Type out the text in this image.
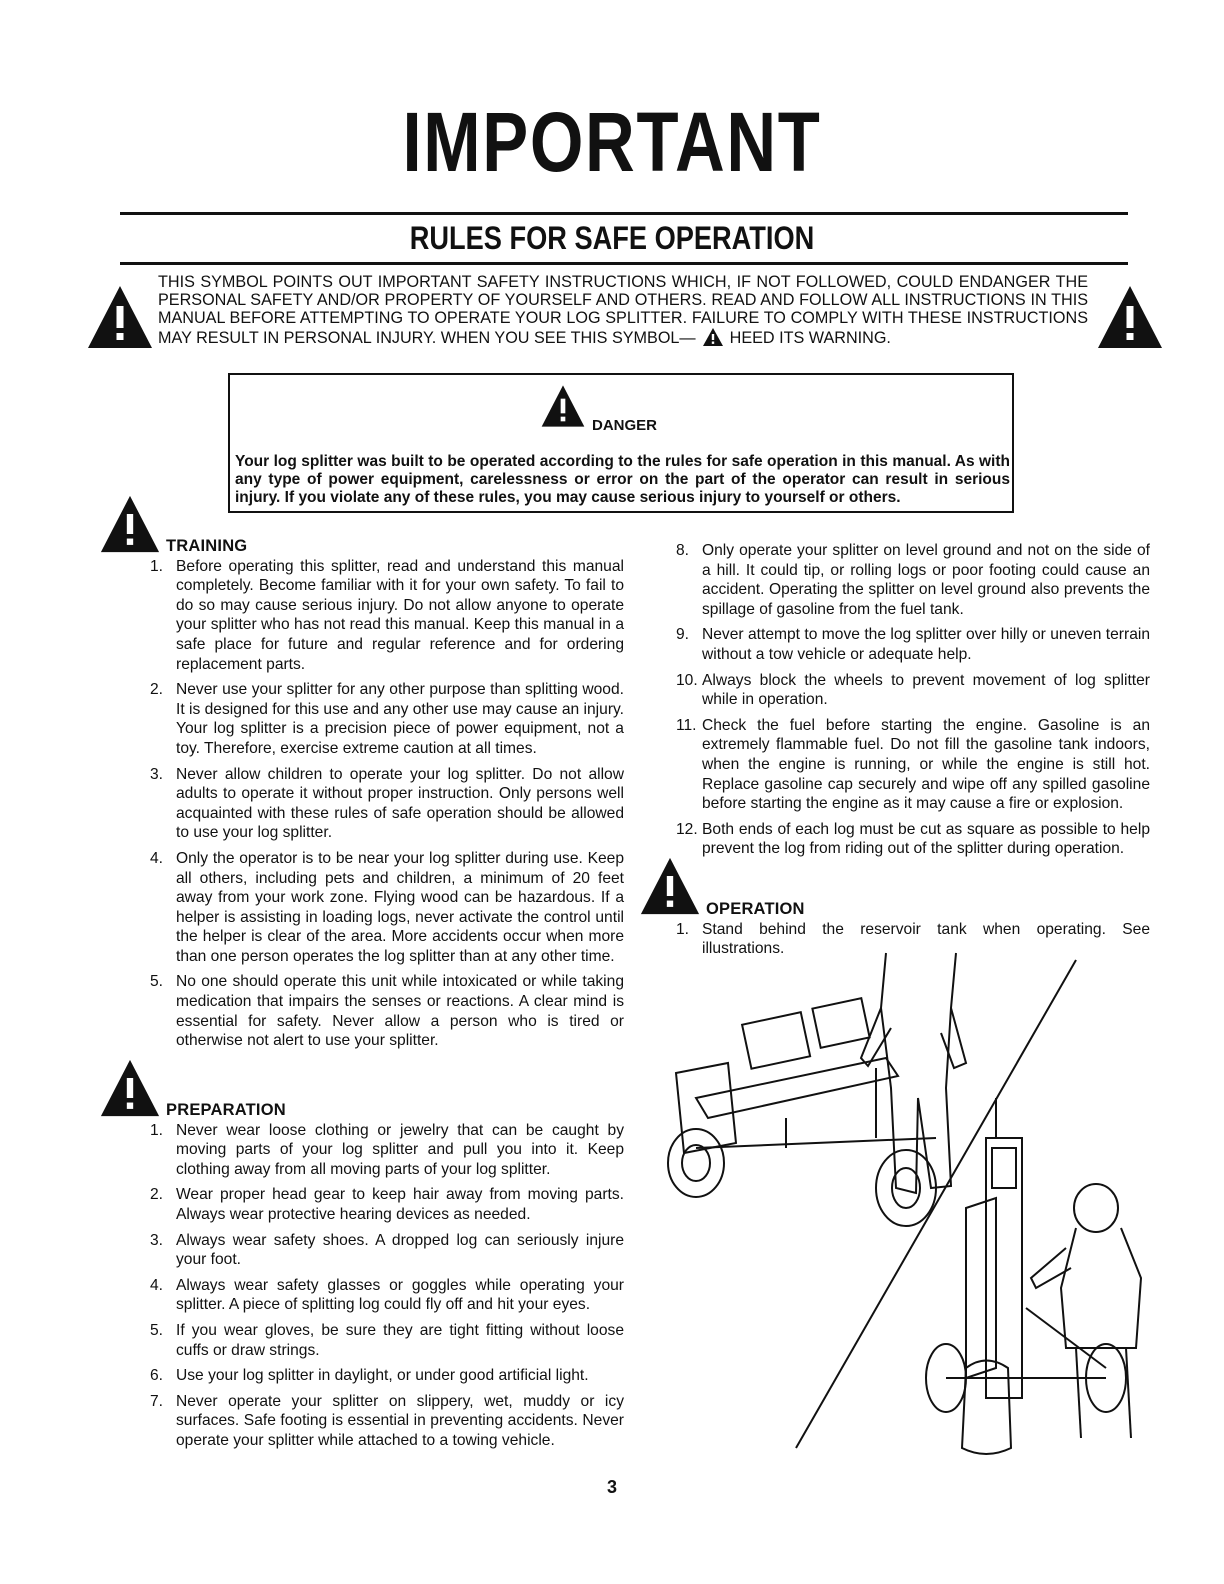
IMPORTANT
RULES FOR SAFE OPERATION
THIS SYMBOL POINTS OUT IMPORTANT SAFETY INSTRUCTIONS WHICH, IF NOT FOLLOWED, COULD ENDANGER THE PERSONAL SAFETY AND/OR PROPERTY OF YOURSELF AND OTHERS. READ AND FOLLOW ALL INSTRUCTIONS IN THIS MANUAL BEFORE ATTEMPTING TO OPERATE YOUR LOG SPLITTER. FAILURE TO COMPLY WITH THESE INSTRUCTIONS MAY RESULT IN PERSONAL INJURY. WHEN YOU SEE THIS SYMBOL— HEED ITS WARNING.
DANGER
Your log splitter was built to be operated according to the rules for safe operation in this manual. As with any type of power equipment, carelessness or error on the part of the operator can result in serious injury. If you violate any of these rules, you may cause serious injury to yourself or others.
TRAINING
1. Before operating this splitter, read and understand this manual completely. Become familiar with it for your own safety. To fail to do so may cause serious injury. Do not allow anyone to operate your splitter who has not read this manual. Keep this manual in a safe place for future and regular reference and for ordering replacement parts.
2. Never use your splitter for any other purpose than splitting wood. It is designed for this use and any other use may cause an injury. Your log splitter is a precision piece of power equipment, not a toy. Therefore, exercise extreme caution at all times.
3. Never allow children to operate your log splitter. Do not allow adults to operate it without proper instruction. Only persons well acquainted with these rules of safe operation should be allowed to use your log splitter.
4. Only the operator is to be near your log splitter during use. Keep all others, including pets and children, a minimum of 20 feet away from your work zone. Flying wood can be hazardous. If a helper is assisting in loading logs, never activate the control until the helper is clear of the area. More accidents occur when more than one person operates the log splitter than at any other time.
5. No one should operate this unit while intoxicated or while taking medication that impairs the senses or reactions. A clear mind is essential for safety. Never allow a person who is tired or otherwise not alert to use your splitter.
PREPARATION
1. Never wear loose clothing or jewelry that can be caught by moving parts of your log splitter and pull you into it. Keep clothing away from all moving parts of your log splitter.
2. Wear proper head gear to keep hair away from moving parts. Always wear protective hearing devices as needed.
3. Always wear safety shoes. A dropped log can seriously injure your foot.
4. Always wear safety glasses or goggles while operating your splitter. A piece of splitting log could fly off and hit your eyes.
5. If you wear gloves, be sure they are tight fitting without loose cuffs or draw strings.
6. Use your log splitter in daylight, or under good artificial light.
7. Never operate your splitter on slippery, wet, muddy or icy surfaces. Safe footing is essential in preventing accidents. Never operate your splitter while attached to a towing vehicle.
8. Only operate your splitter on level ground and not on the side of a hill. It could tip, or rolling logs or poor footing could cause an accident. Operating the splitter on level ground also prevents the spillage of gasoline from the fuel tank.
9. Never attempt to move the log splitter over hilly or uneven terrain without a tow vehicle or adequate help.
10. Always block the wheels to prevent movement of log splitter while in operation.
11. Check the fuel before starting the engine. Gasoline is an extremely flammable fuel. Do not fill the gasoline tank indoors, when the engine is running, or while the engine is still hot. Replace gasoline cap securely and wipe off any spilled gasoline before starting the engine as it may cause a fire or explosion.
12. Both ends of each log must be cut as square as possible to help prevent the log from riding out of the splitter during operation.
OPERATION
1. Stand behind the reservoir tank when operating. See illustrations.
3
